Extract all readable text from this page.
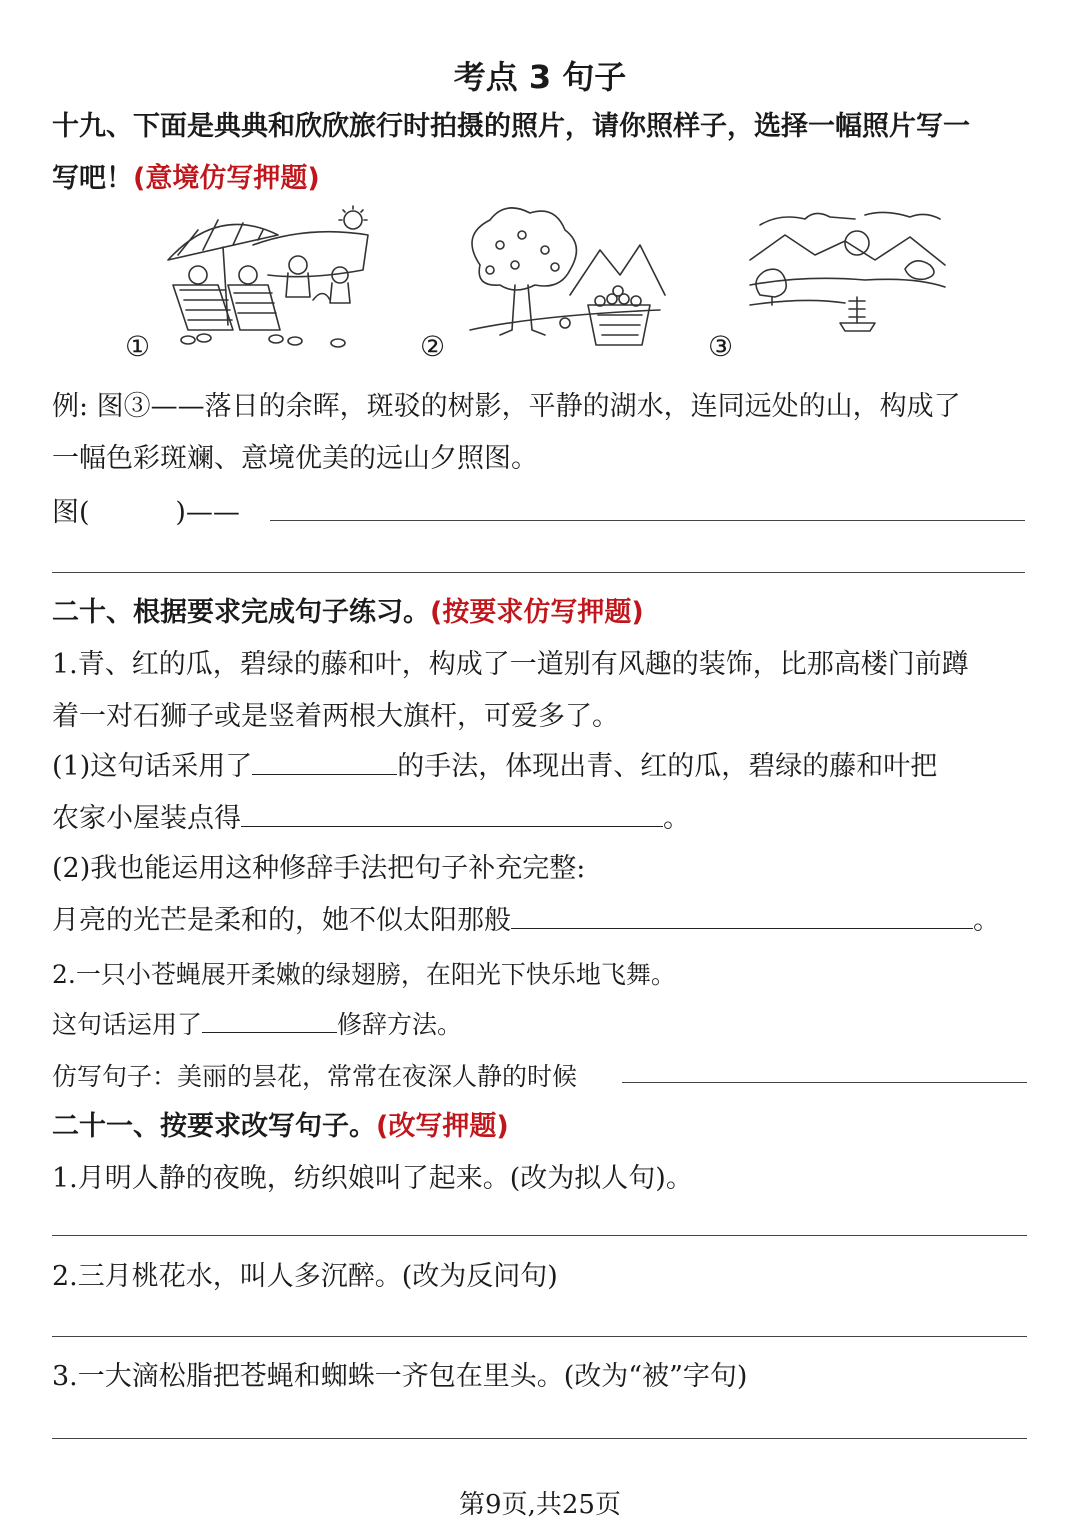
考点 3 句子
十九、下面是典典和欣欣旅行时拍摄的照片，请你照样子，选择一幅照片写一
写吧！(意境仿写押题)
①	②	③
例: 图③——落日的余晖，斑驳的树影，平静的湖水，连同远处的山，构成了
一幅色彩斑斓、意境优美的远山夕照图。
图(          )——
二十、根据要求完成句子练习。(按要求仿写押题)
1.青、红的瓜，碧绿的藤和叶，构成了一道别有风趣的装饰，比那高楼门前蹲
着一对石狮子或是竖着两根大旗杆，可爱多了。
(1)这句话采用了	的手法，体现出青、红的瓜，碧绿的藤和叶把
农家小屋装点得	。
(2)我也能运用这种修辞手法把句子补充完整:
月亮的光芒是柔和的，她不似太阳那般	。
2.一只小苍蝇展开柔嫩的绿翅膀，在阳光下快乐地飞舞。
这句话运用了	修辞方法。
仿写句子：美丽的昙花，常常在夜深人静的时候
二十一、按要求改写句子。(改写押题)
1.月明人静的夜晚，纺织娘叫了起来。(改为拟人句)。
2.三月桃花水，叫人多沉醉。(改为反问句)
3.一大滴松脂把苍蝇和蜘蛛一齐包在里头。(改为“被”字句)
第9页,共25页
